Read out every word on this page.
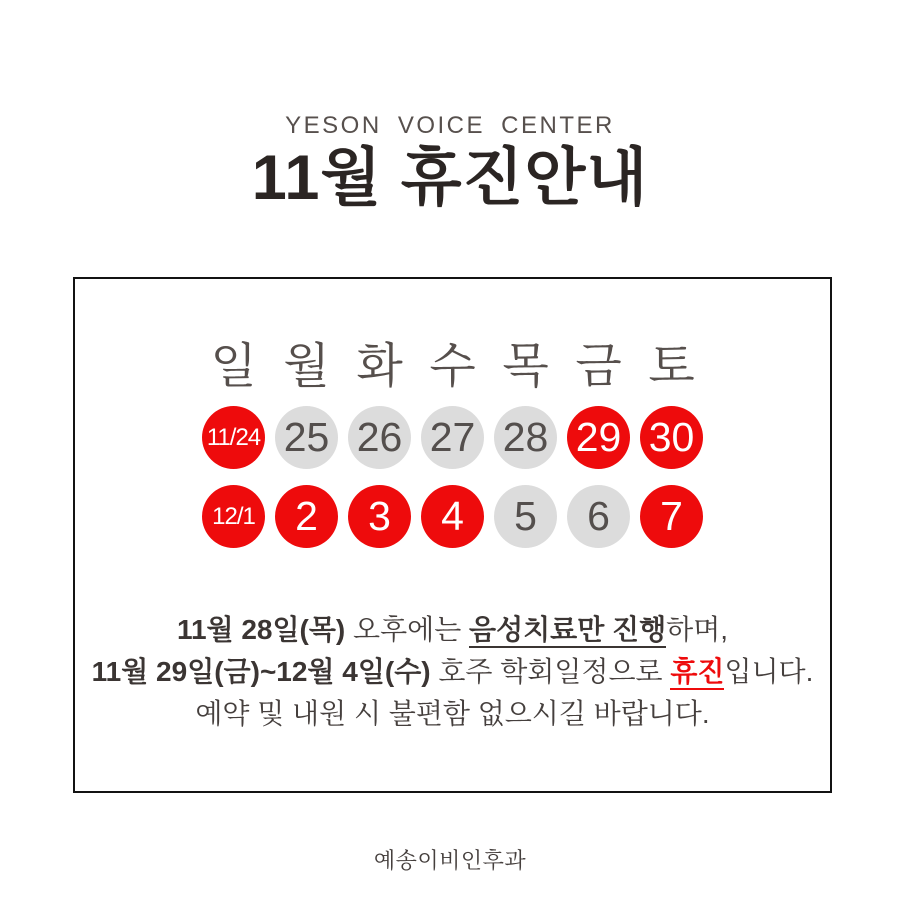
YESON VOICE CENTER
11월 휴진안내
일 월 화 수 목 금 토
11/24 25 26 27 28 29 30
12/1 2	3	4	5	6	7
11월 28일(목) 오후에는 음성치료만 진행하며,
11월 29일(금)~12월 4일(수) 호주 학회일정으로 휴진입니다.
예약 및 내원 시 불편함 없으시길 바랍니다.
예송이비인후과
